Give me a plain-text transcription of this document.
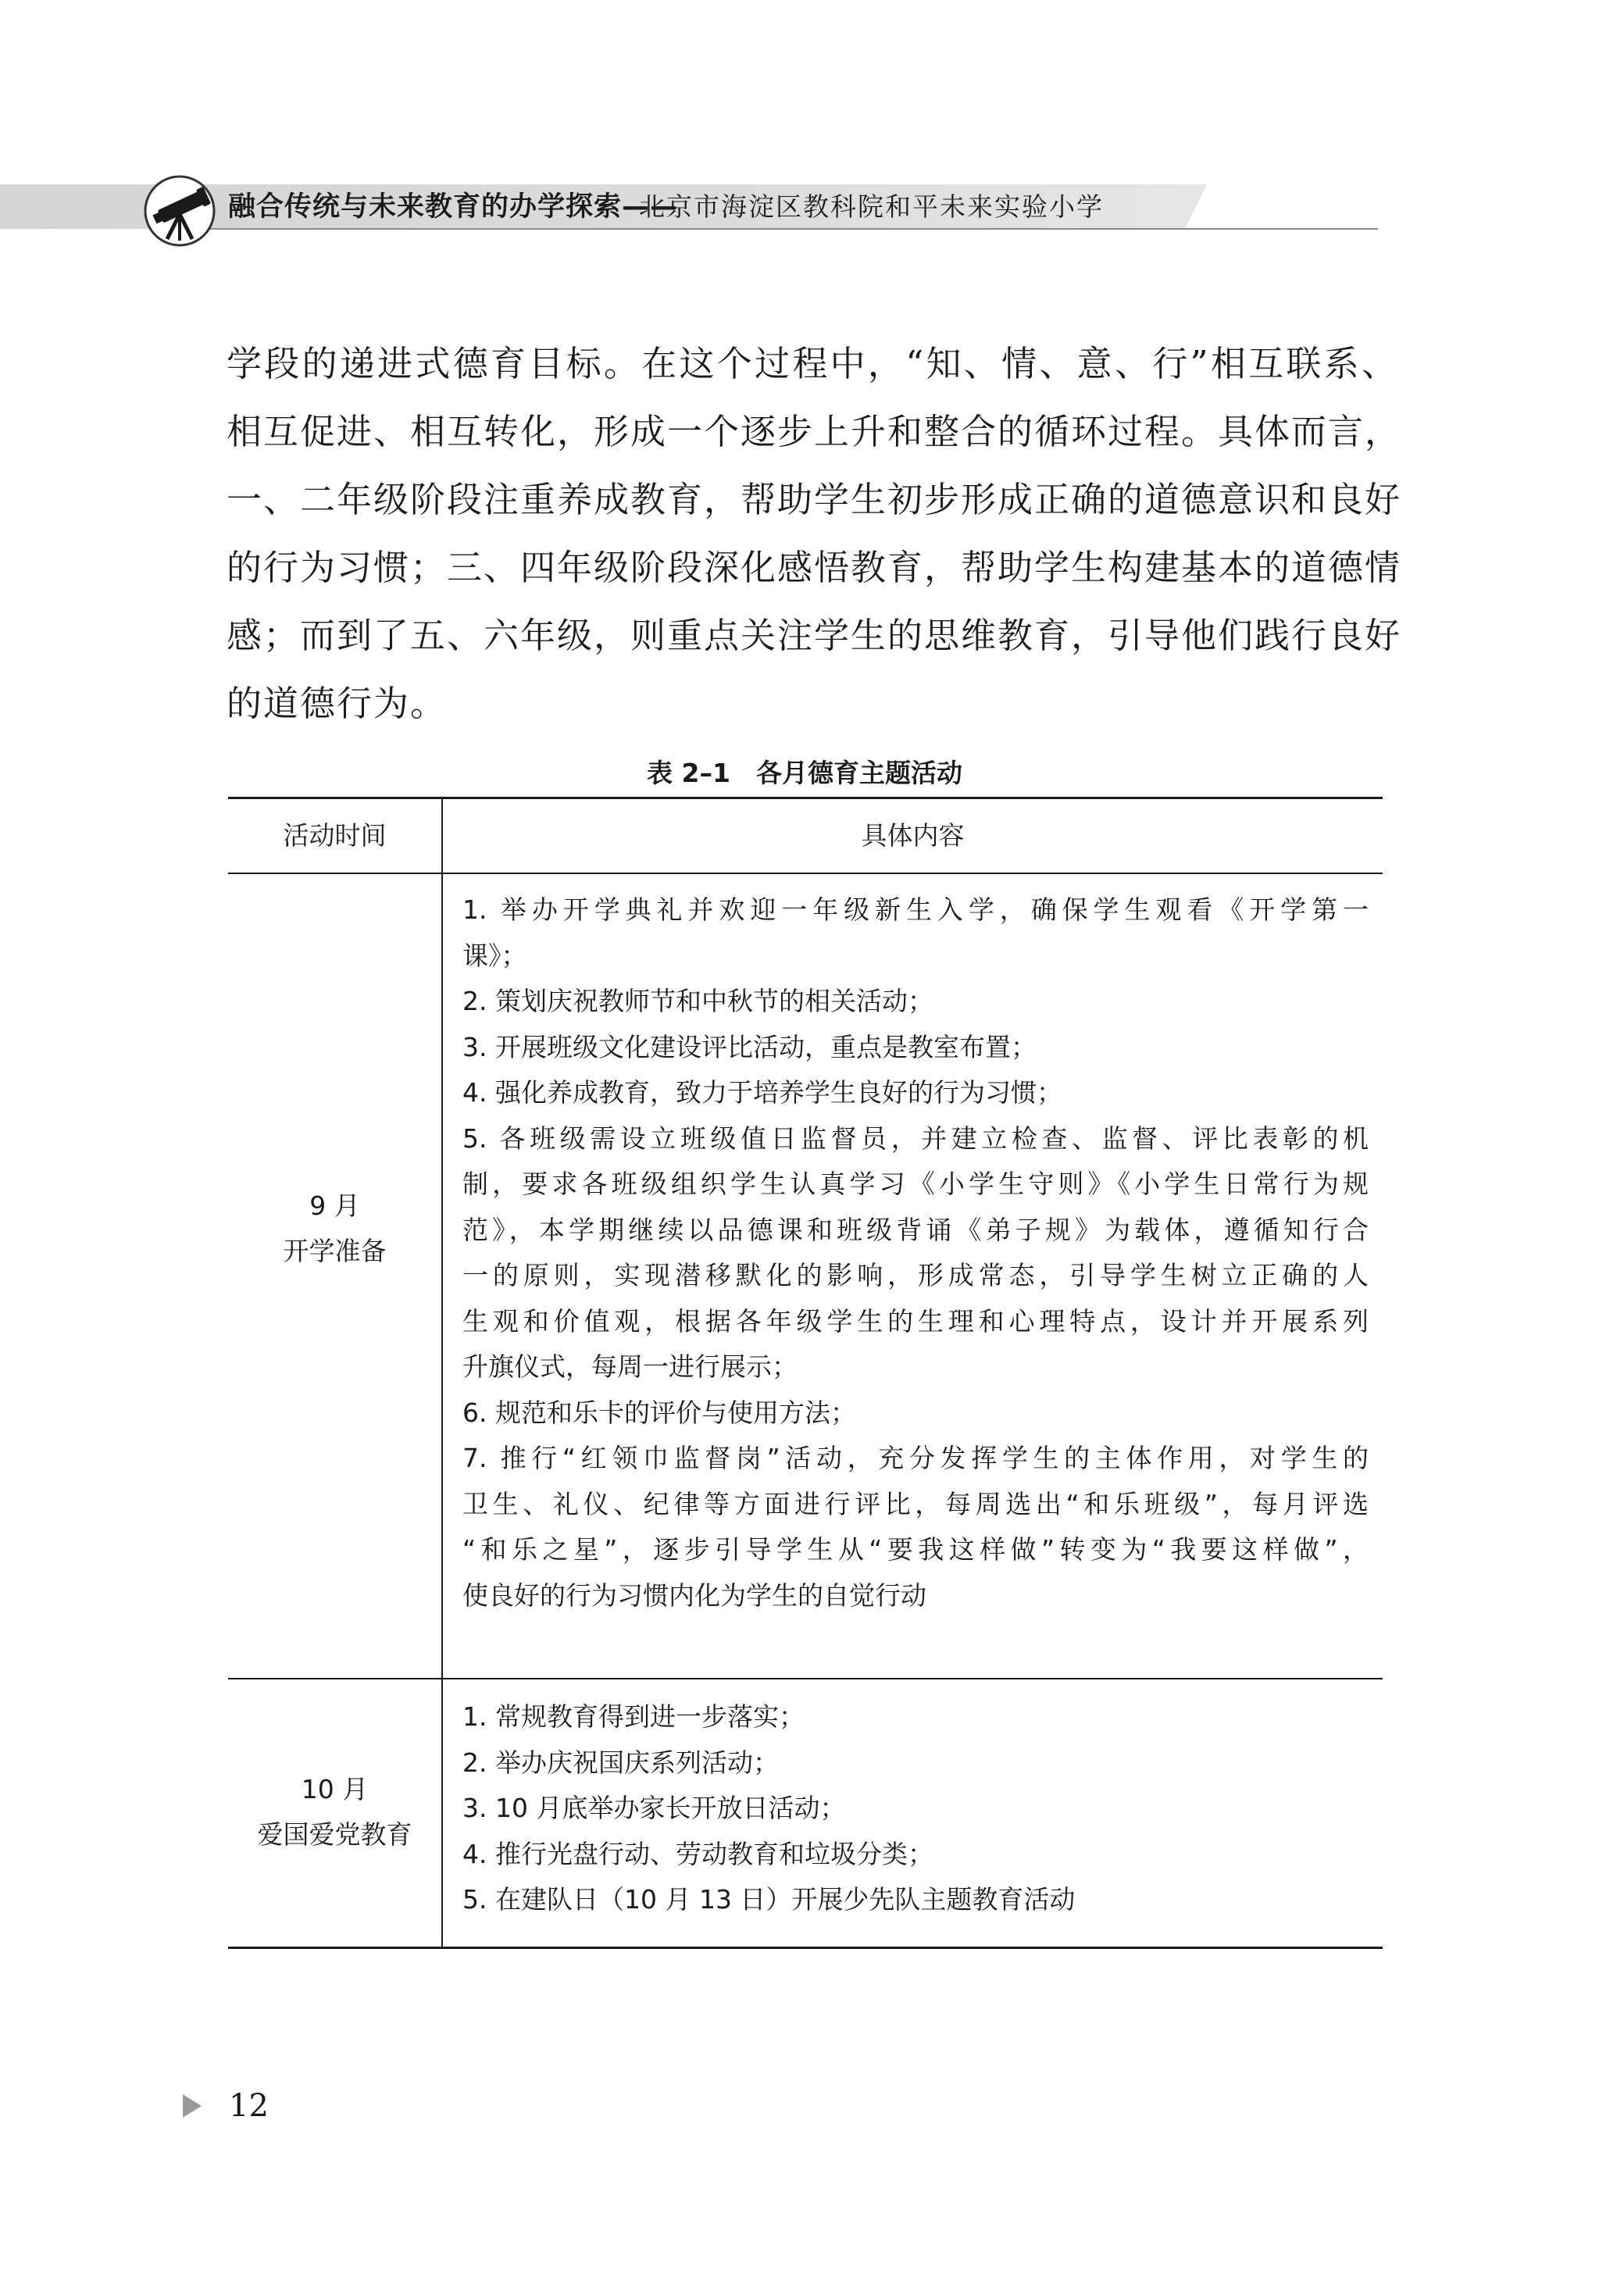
融合传统与未来教育的办学探索——
北京市海淀区教科院和平未来实验小学
学段的递进式德育目标。在这个过程中，“知、情、意、行”相互联系、
相互促进、相互转化，形成一个逐步上升和整合的循环过程。具体而言，
一、二年级阶段注重养成教育，帮助学生初步形成正确的道德意识和良好
的行为习惯；三、四年级阶段深化感悟教育，帮助学生构建基本的道德情
感；而到了五、六年级，则重点关注学生的思维教育，引导他们践行良好
的道德行为。
表 2–1　各月德育主题活动
活动时间	具体内容
9 月
开学准备
1. 举办开学典礼并欢迎一年级新生入学，确保学生观看《开学第一
课》；
2. 策划庆祝教师节和中秋节的相关活动；
3. 开展班级文化建设评比活动，重点是教室布置；
4. 强化养成教育，致力于培养学生良好的行为习惯；
5. 各班级需设立班级值日监督员，并建立检查、监督、评比表彰的机
制，要求各班级组织学生认真学习《小学生守则》《小学生日常行为规
范》，本学期继续以品德课和班级背诵《弟子规》为载体，遵循知行合
一的原则，实现潜移默化的影响，形成常态，引导学生树立正确的人
生观和价值观，根据各年级学生的生理和心理特点，设计并开展系列
升旗仪式，每周一进行展示；
6. 规范和乐卡的评价与使用方法；
7. 推行“红领巾监督岗”活动，充分发挥学生的主体作用，对学生的
卫生、礼仪、纪律等方面进行评比，每周选出“和乐班级”，每月评选
“和乐之星”，逐步引导学生从“要我这样做”转变为“我要这样做”，
使良好的行为习惯内化为学生的自觉行动
10 月
爱国爱党教育
1. 常规教育得到进一步落实；
2. 举办庆祝国庆系列活动；
3. 10 月底举办家长开放日活动；
4. 推行光盘行动、劳动教育和垃圾分类；
5. 在建队日（10 月 13 日）开展少先队主题教育活动
12
